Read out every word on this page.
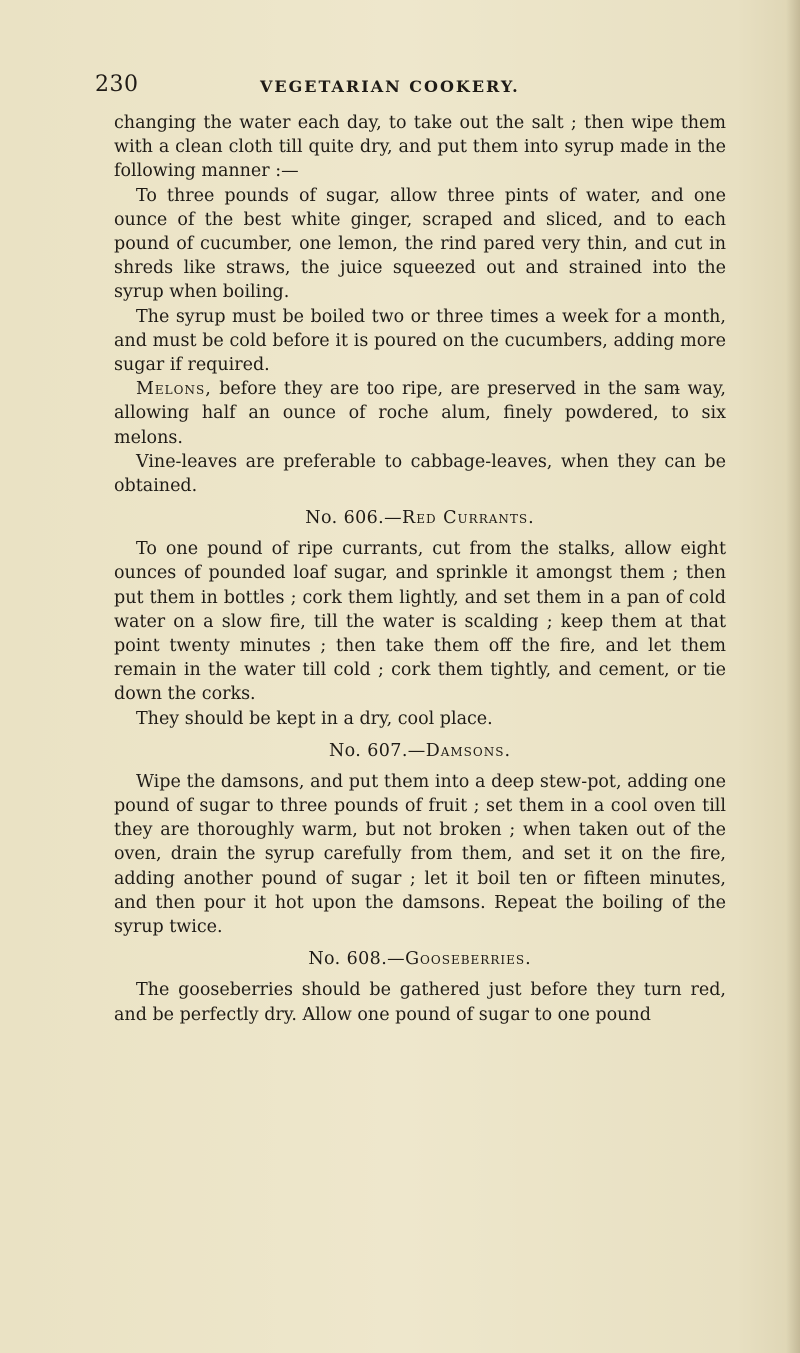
230	VEGETARIAN COOKERY.

changing the water each day, to take out the salt ; then wipe them with a clean cloth till quite dry, and put them into syrup made in the following manner :—

To three pounds of sugar, allow three pints of water, and one ounce of the best white ginger, scraped and sliced, and to each pound of cucumber, one lemon, the rind pared very thin, and cut in shreds like straws, the juice squeezed out and strained into the syrup when boiling.

The syrup must be boiled two or three times a week for a month, and must be cold before it is poured on the cucumbers, adding more sugar if required.

Melons, before they are too ripe, are preserved in the sam̵ way, allowing half an ounce of roche alum, finely powdered, to six melons.

Vine-leaves are preferable to cabbage-leaves, when they can be obtained.

No. 606.—Red Currants.

To one pound of ripe currants, cut from the stalks, allow eight ounces of pounded loaf sugar, and sprinkle it amongst them ; then put them in bottles ; cork them lightly, and set them in a pan of cold water on a slow fire, till the water is scalding ; keep them at that point twenty minutes ; then take them off the fire, and let them remain in the water till cold ; cork them tightly, and cement, or tie down the corks.

They should be kept in a dry, cool place.

No. 607.—Damsons.

Wipe the damsons, and put them into a deep stew-pot, adding one pound of sugar to three pounds of fruit ; set them in a cool oven till they are thoroughly warm, but not broken ; when taken out of the oven, drain the syrup carefully from them, and set it on the fire, adding another pound of sugar ; let it boil ten or fifteen minutes, and then pour it hot upon the damsons. Repeat the boiling of the syrup twice.

No. 608.—Gooseberries.

The gooseberries should be gathered just before they turn red, and be perfectly dry. Allow one pound of sugar to one pound
